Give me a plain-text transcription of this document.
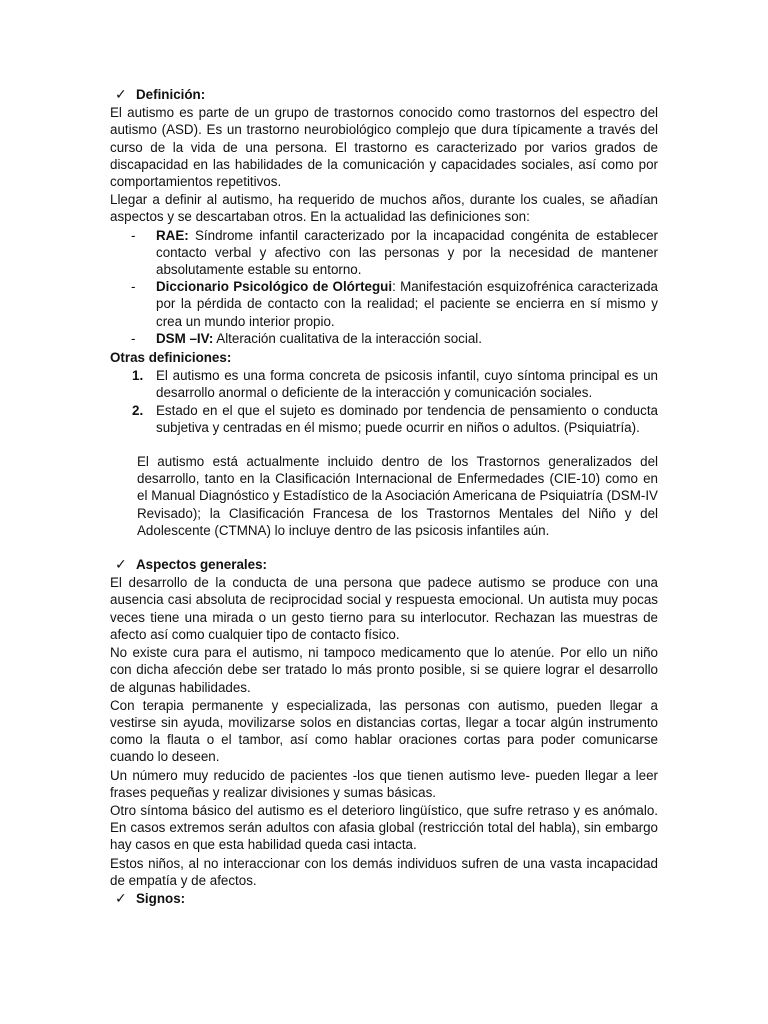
✓ Definición:

El autismo es parte de un grupo de trastornos conocido como trastornos del espectro del autismo (ASD). Es un trastorno neurobiológico complejo que dura típicamente a través del curso de la vida de una persona. El trastorno es caracterizado por varios grados de discapacidad en las habilidades de la comunicación y capacidades sociales, así como por comportamientos repetitivos.

Llegar a definir al autismo, ha requerido de muchos años, durante los cuales, se añadían aspectos y se descartaban otros. En la actualidad las definiciones son:

- RAE: Síndrome infantil caracterizado por la incapacidad congénita de establecer contacto verbal y afectivo con las personas y por la necesidad de mantener absolutamente estable su entorno.
- Diccionario Psicológico de Olórtegui: Manifestación esquizofrénica caracterizada por la pérdida de contacto con la realidad; el paciente se encierra en sí mismo y crea un mundo interior propio.
- DSM –IV: Alteración cualitativa de la interacción social.
Otras definiciones:
1. El autismo es una forma concreta de psicosis infantil, cuyo síntoma principal es un desarrollo anormal o deficiente de la interacción y comunicación sociales.
2. Estado en el que el sujeto es dominado por tendencia de pensamiento o conducta subjetiva y centradas en él mismo; puede ocurrir en niños o adultos. (Psiquiatría).

El autismo está actualmente incluido dentro de los Trastornos generalizados del desarrollo, tanto en la Clasificación Internacional de Enfermedades (CIE-10) como en el Manual Diagnóstico y Estadístico de la Asociación Americana de Psiquiatría (DSM-IV Revisado); la Clasificación Francesa de los Trastornos Mentales del Niño y del Adolescente (CTMNA) lo incluye dentro de las psicosis infantiles aún.

✓ Aspectos generales:

El desarrollo de la conducta de una persona que padece autismo se produce con una ausencia casi absoluta de reciprocidad social y respuesta emocional. Un autista muy pocas veces tiene una mirada o un gesto tierno para su interlocutor. Rechazan las muestras de afecto así como cualquier tipo de contacto físico.

No existe cura para el autismo, ni tampoco medicamento que lo atenúe. Por ello un niño con dicha afección debe ser tratado lo más pronto posible, si se quiere lograr el desarrollo de algunas habilidades.

Con terapia permanente y especializada, las personas con autismo, pueden llegar a vestirse sin ayuda, movilizarse solos en distancias cortas, llegar a tocar algún instrumento como la flauta o el tambor, así como hablar oraciones cortas para poder comunicarse cuando lo deseen.

Un número muy reducido de pacientes -los que tienen autismo leve- pueden llegar a leer frases pequeñas y realizar divisiones y sumas básicas.

Otro síntoma básico del autismo es el deterioro lingüístico, que sufre retraso y es anómalo. En casos extremos serán adultos con afasia global (restricción total del habla), sin embargo hay casos en que esta habilidad queda casi intacta.

Estos niños, al no interaccionar con los demás individuos sufren de una vasta incapacidad de empatía y de afectos.

✓ Signos:
